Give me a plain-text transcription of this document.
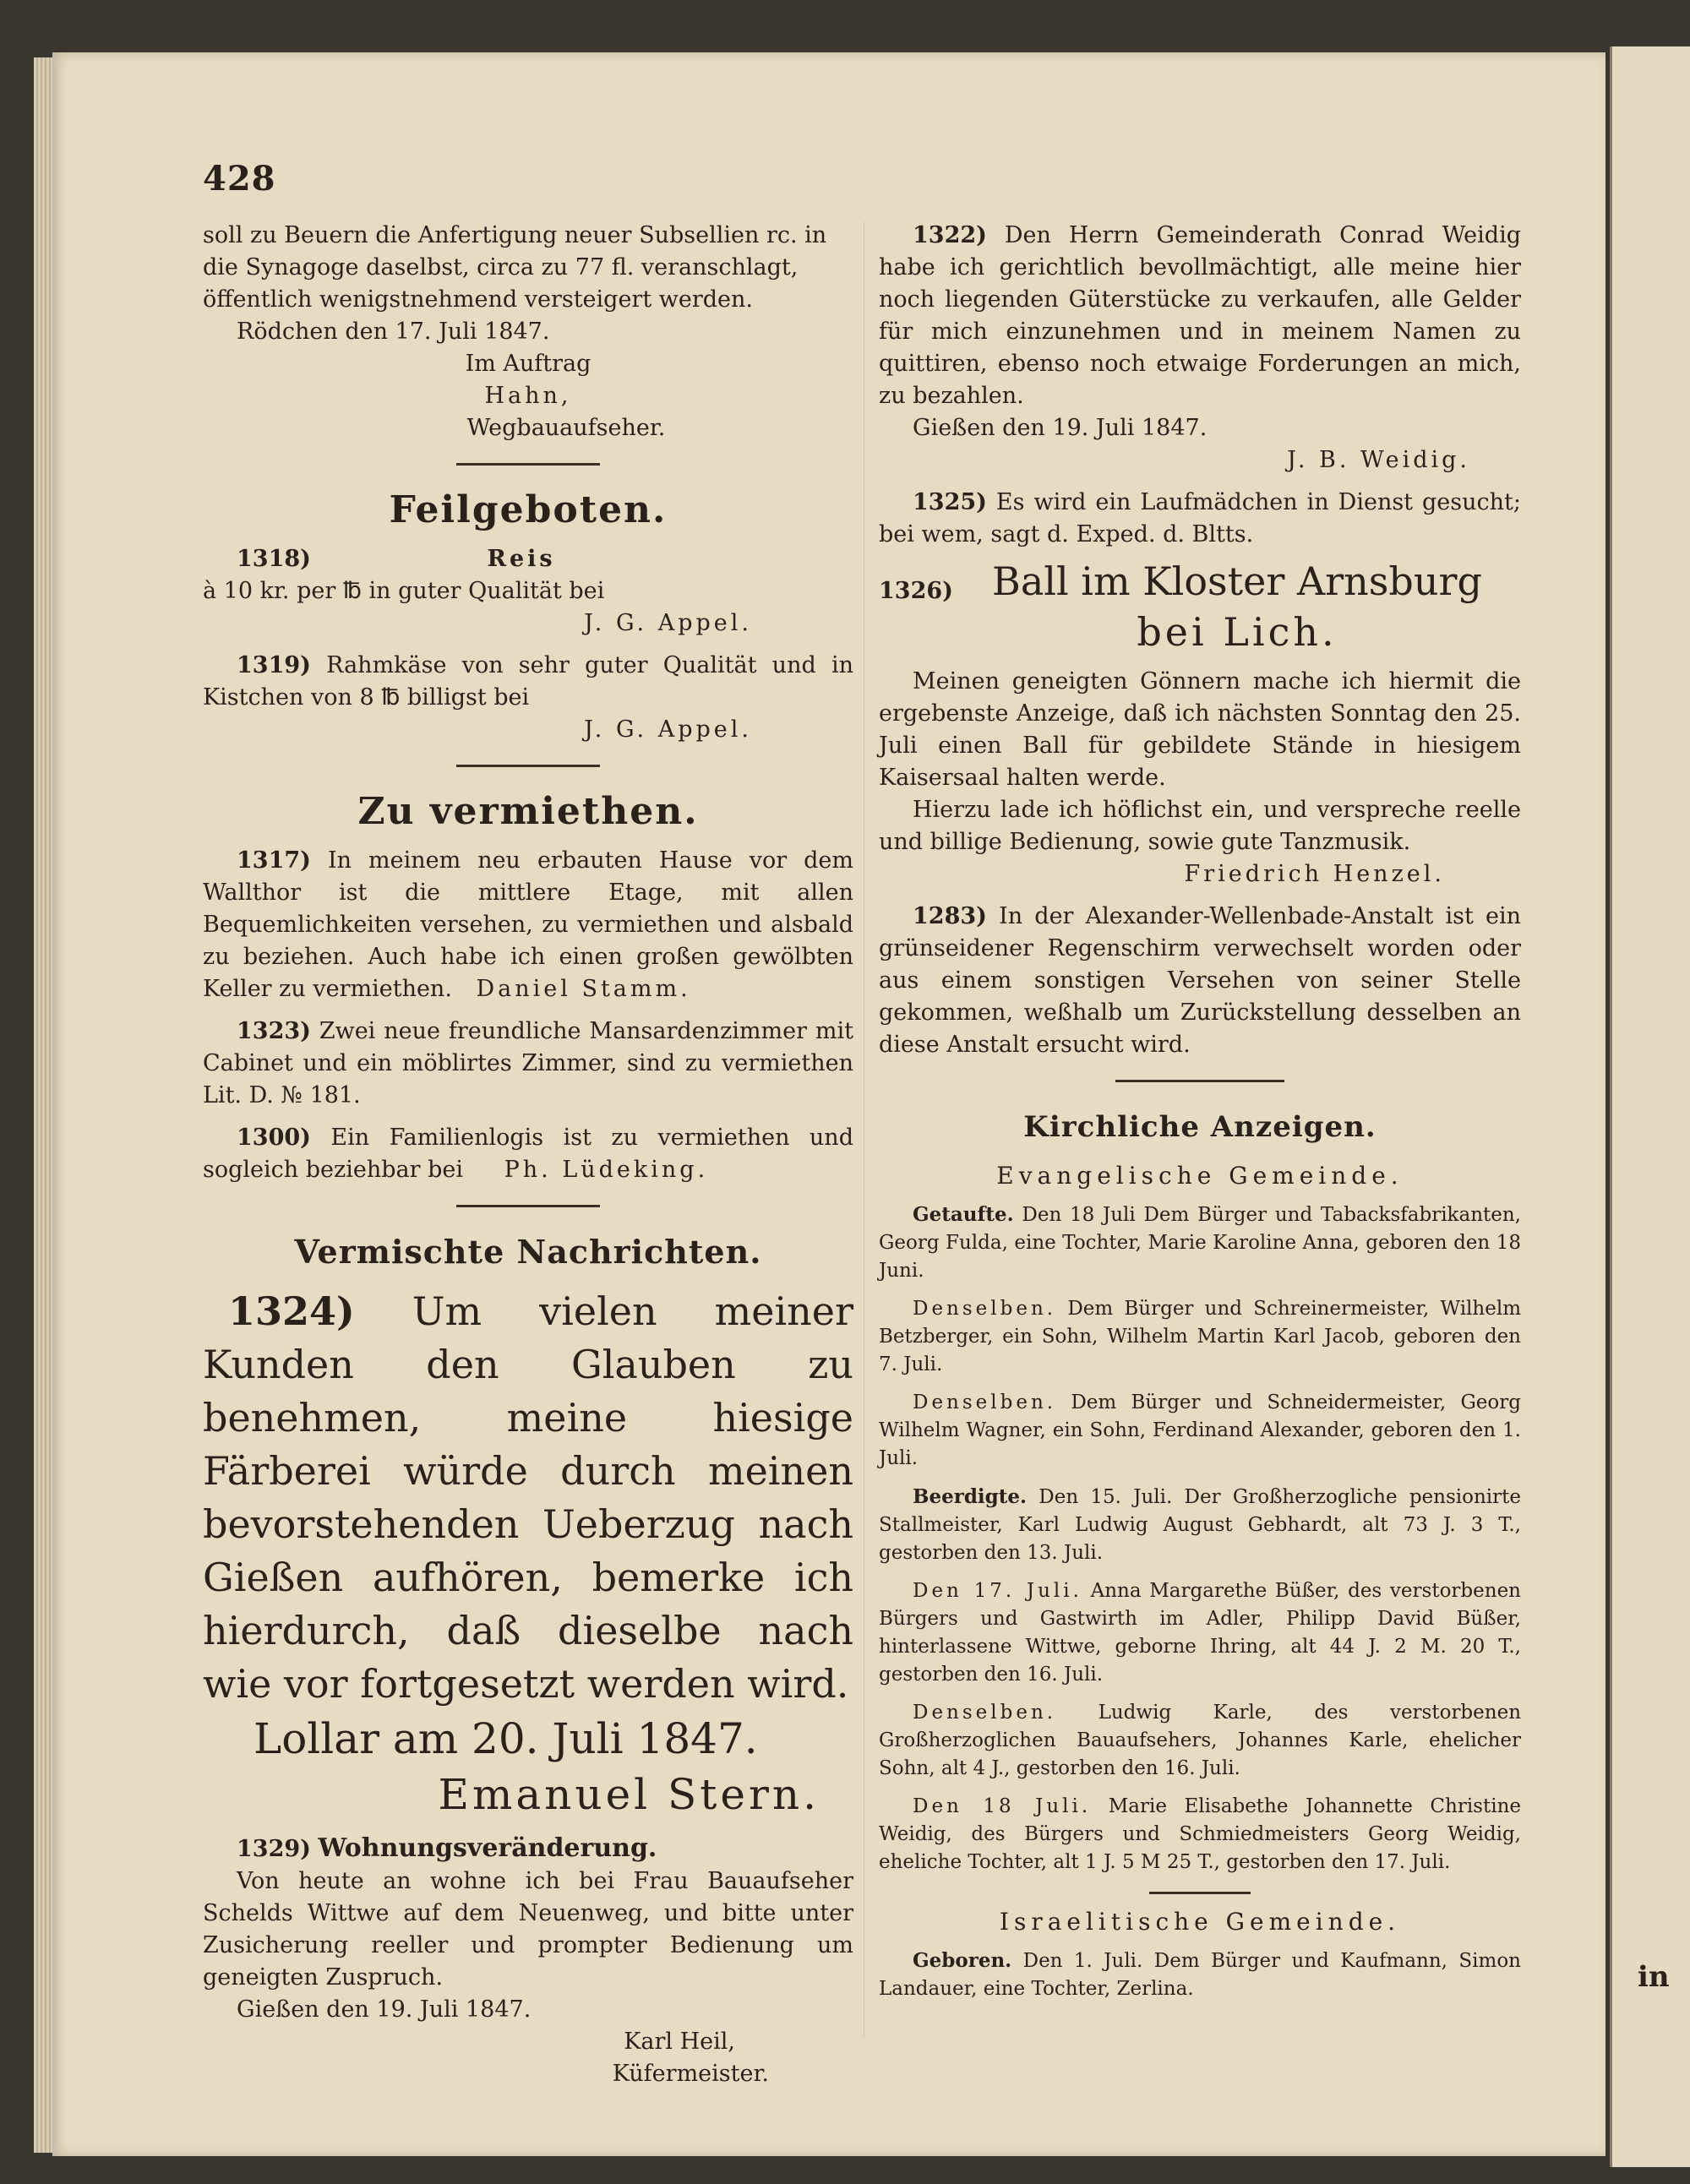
in
428

soll zu Beuern die Anfertigung neuer Subsellien rc. in

die Synagoge daselbst, circa zu 77 fl. veranschlagt,

öffentlich wenigstnehmend versteigert werden.

Rödchen den 17. Juli 1847.

Im Auftrag

Hahn,

Wegbauaufseher.

Feilgeboten.

1318)	Reis

à 10 kr. per ℔ in guter Qualität bei

J. G. Appel.

1319) Rahmkäse von sehr guter Qualität und in Kistchen von 8 ℔ billigst bei

J. G. Appel.

Zu vermiethen.

1317) In meinem neu erbauten Hause vor dem Wallthor ist die mittlere Etage, mit allen Bequemlichkeiten versehen, zu vermiethen und alsbald zu beziehen. Auch habe ich einen großen gewölbten Keller zu vermiethen. Daniel Stamm.

1323) Zwei neue freundliche Mansardenzimmer mit Cabinet und ein möblirtes Zimmer, sind zu vermiethen Lit. D. № 181.

1300) Ein Familienlogis ist zu vermiethen und sogleich beziehbar bei Ph. Lüdeking.

Vermischte Nachrichten.

1324) Um vielen meiner Kunden den Glauben zu benehmen, meine hiesige Färberei würde durch meinen bevorstehenden Ueberzug nach Gießen aufhören, bemerke ich hierdurch, daß dieselbe nach wie vor fortgesetzt werden wird.

Lollar am 20. Juli 1847.

Emanuel Stern.

1329) Wohnungsveränderung.

Von heute an wohne ich bei Frau Bauaufseher Schelds Wittwe auf dem Neuenweg, und bitte unter Zusicherung reeller und prompter Bedienung um geneigten Zuspruch.

Gießen den 19. Juli 1847.

Karl Heil,

Küfermeister.

1322) Den Herrn Gemeinderath Conrad Weidig habe ich gerichtlich bevollmächtigt, alle meine hier noch liegenden Güterstücke zu verkaufen, alle Gelder für mich einzunehmen und in meinem Namen zu quittiren, ebenso noch etwaige Forderungen an mich, zu bezahlen.

Gießen den 19. Juli 1847.

J. B. Weidig.

1325) Es wird ein Laufmädchen in Dienst gesucht; bei wem, sagt d. Exped. d. Bltts.

1326) Ball im Kloster Arnsburg
bei Lich.

Meinen geneigten Gönnern mache ich hiermit die ergebenste Anzeige, daß ich nächsten Sonntag den 25. Juli einen Ball für gebildete Stände in hiesigem Kaisersaal halten werde.

Hierzu lade ich höflichst ein, und verspreche reelle und billige Bedienung, sowie gute Tanzmusik.

Friedrich Henzel.

1283) In der Alexander-Wellenbade-Anstalt ist ein grünseidener Regenschirm verwechselt worden oder aus einem sonstigen Versehen von seiner Stelle gekommen, weßhalb um Zurückstellung desselben an diese Anstalt ersucht wird.

Kirchliche Anzeigen.
Evangelische Gemeinde.

Getaufte. Den 18 Juli Dem Bürger und Tabacksfabrikanten, Georg Fulda, eine Tochter, Marie Karoline Anna, geboren den 18 Juni.

Denselben. Dem Bürger und Schreinermeister, Wilhelm Betzberger, ein Sohn, Wilhelm Martin Karl Jacob, geboren den 7. Juli.

Denselben. Dem Bürger und Schneidermeister, Georg Wilhelm Wagner, ein Sohn, Ferdinand Alexander, geboren den 1. Juli.

Beerdigte. Den 15. Juli. Der Großherzogliche pensionirte Stallmeister, Karl Ludwig August Gebhardt, alt 73 J. 3 T., gestorben den 13. Juli.

Den 17. Juli. Anna Margarethe Büßer, des verstorbenen Bürgers und Gastwirth im Adler, Philipp David Büßer, hinterlassene Wittwe, geborne Ihring, alt 44 J. 2 M. 20 T., gestorben den 16. Juli.

Denselben. Ludwig Karle, des verstorbenen Großherzoglichen Bauaufsehers, Johannes Karle, ehelicher Sohn, alt 4 J., gestorben den 16. Juli.

Den 18 Juli. Marie Elisabethe Johannette Christine Weidig, des Bürgers und Schmiedmeisters Georg Weidig, eheliche Tochter, alt 1 J. 5 M 25 T., gestorben den 17. Juli.

Israelitische Gemeinde.

Geboren. Den 1. Juli. Dem Bürger und Kaufmann, Simon Landauer, eine Tochter, Zerlina.
